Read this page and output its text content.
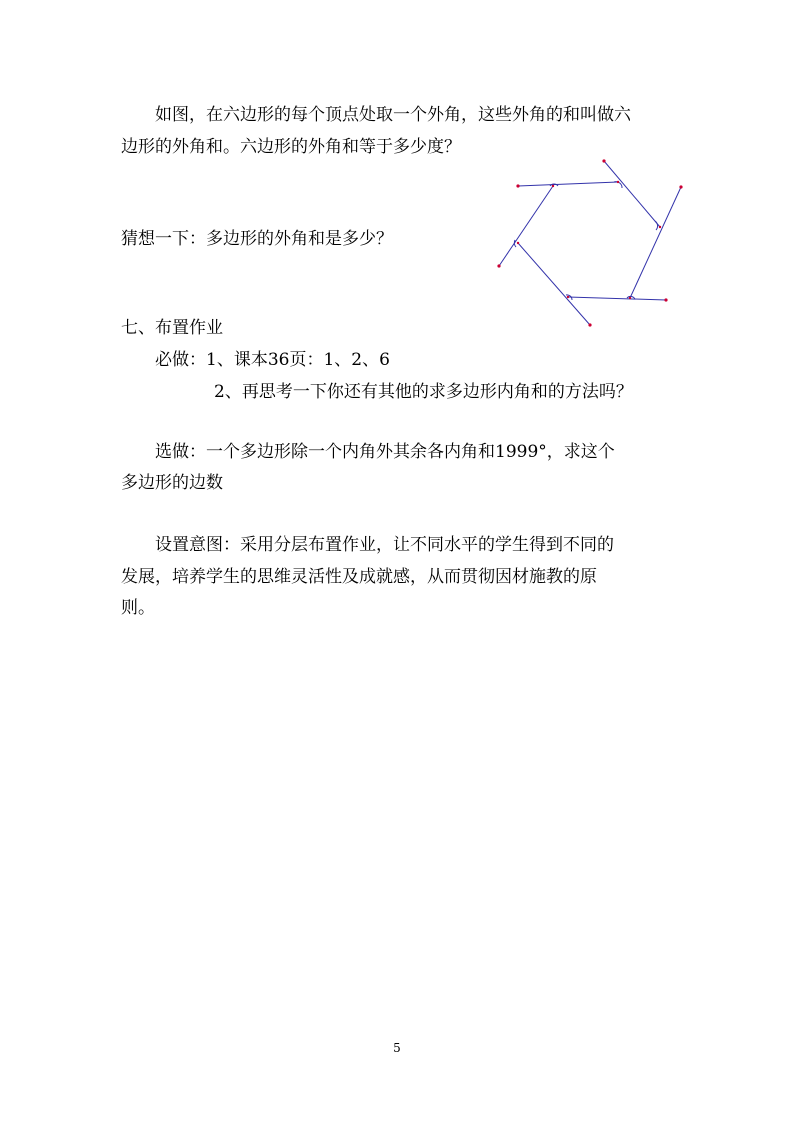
　　如图，在六边形的每个顶点处取一个外角，这些外角的和叫做六

边形的外角和。六边形的外角和等于多少度？

猜想一下：多边形的外角和是多少？

七、布置作业

　　必做：1、课本36页：1、2、6

2、再思考一下你还有其他的求多边形内角和的方法吗？

　　选做：一个多边形除一个内角外其余各内角和1999°，求这个

多边形的边数

　　设置意图：采用分层布置作业，让不同水平的学生得到不同的

发展，培养学生的思维灵活性及成就感，从而贯彻因材施教的原

则。

5
